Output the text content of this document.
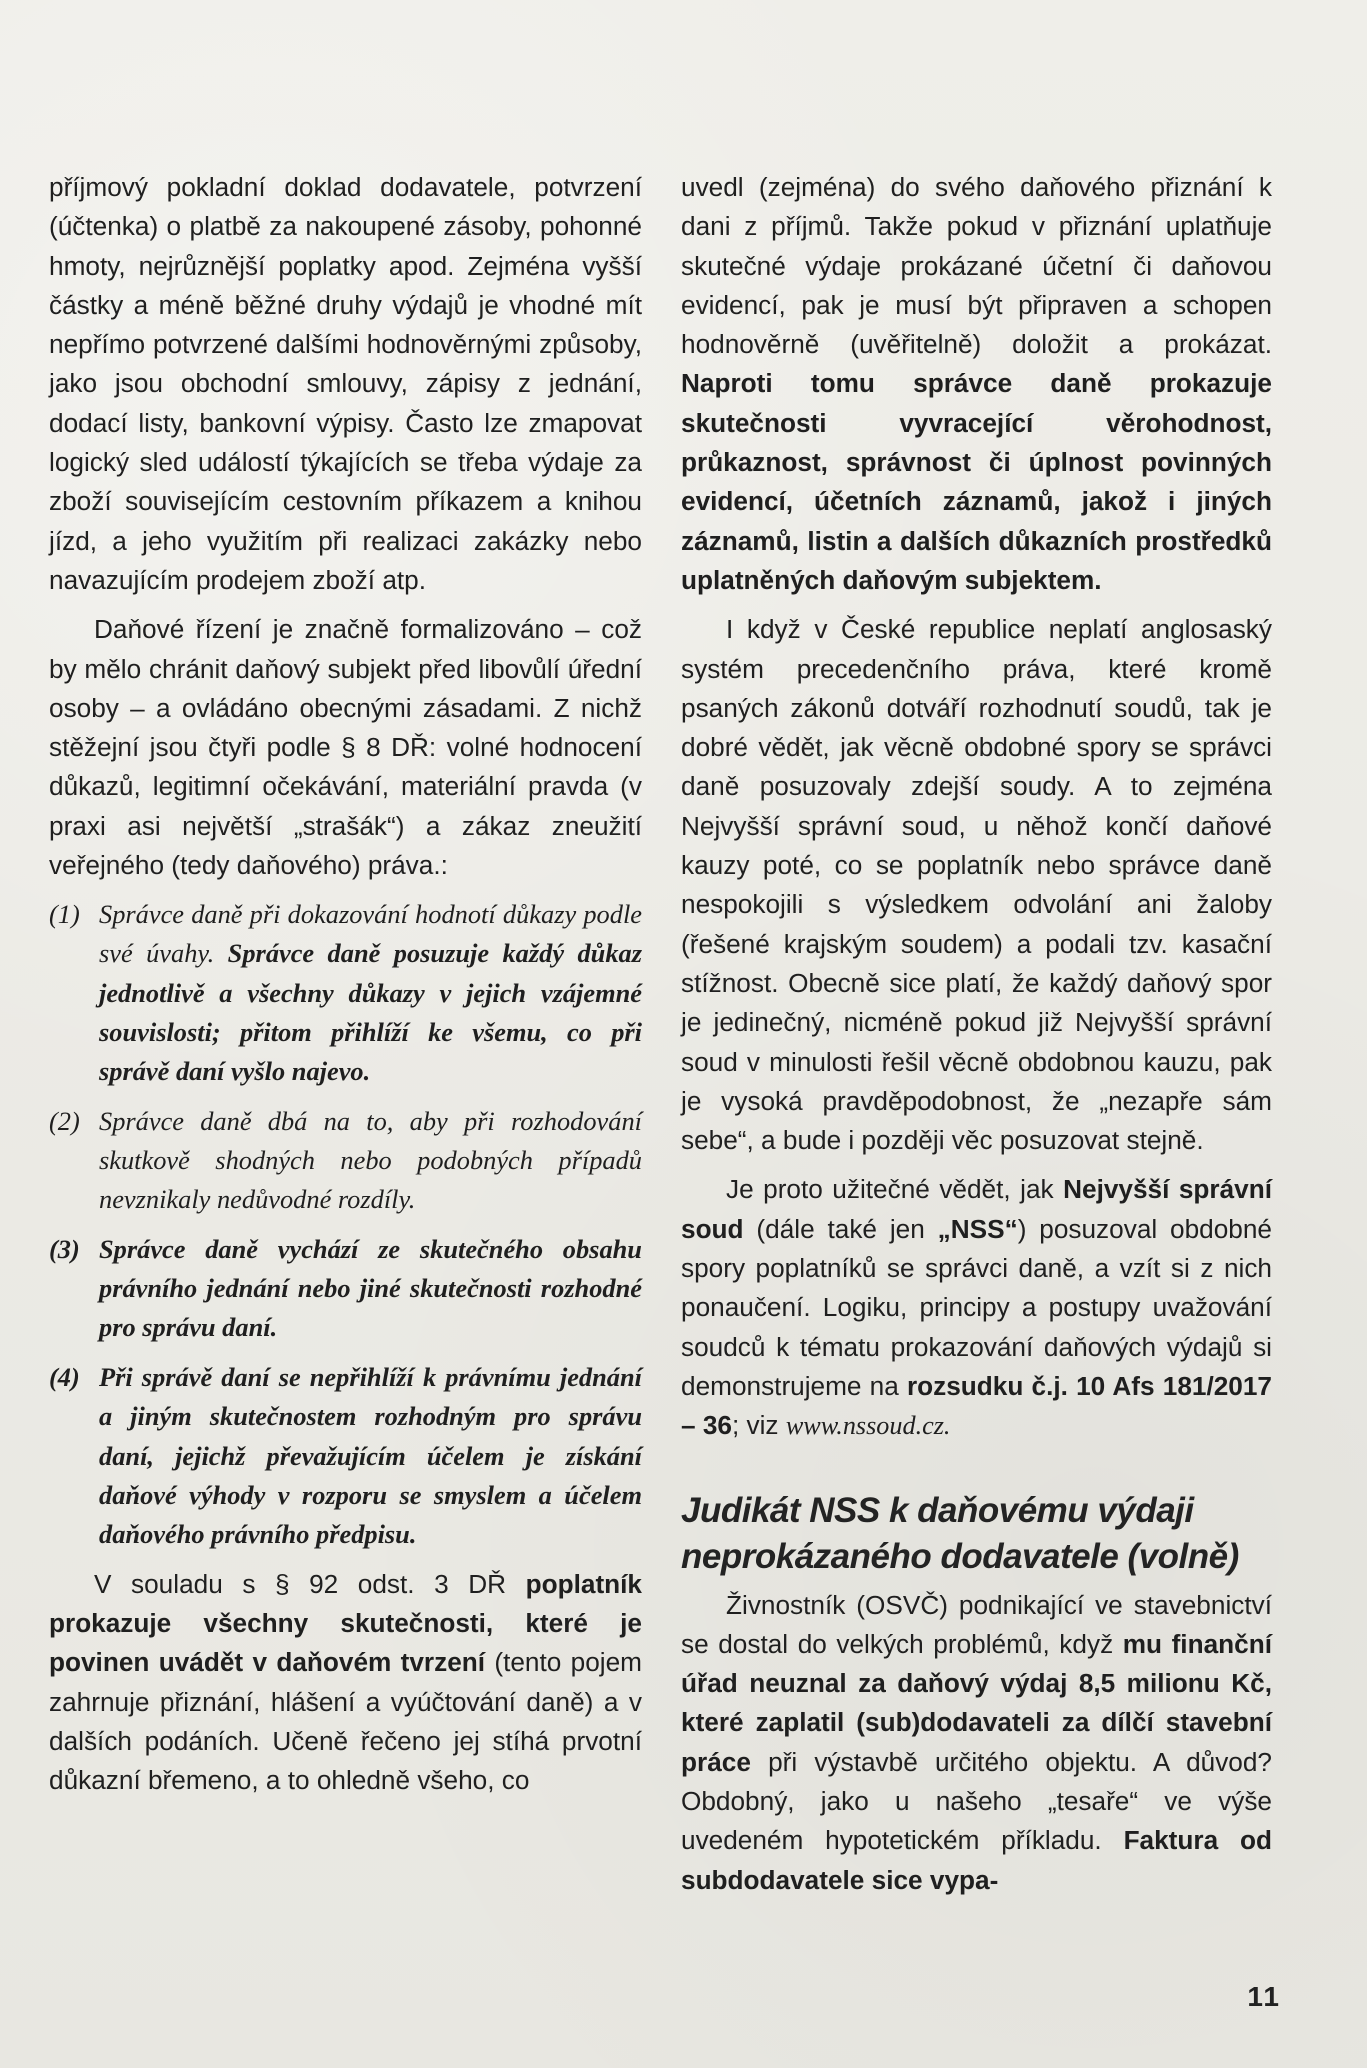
příjmový pokladní doklad dodavatele, potvrzení (účtenka) o platbě za nakoupené zásoby, pohonné hmoty, nejrůznější poplatky apod. Zejména vyšší částky a méně běžné druhy výdajů je vhodné mít nepřímo potvrzené dalšími hodnověrnými způsoby, jako jsou obchodní smlouvy, zápisy z jednání, dodací listy, bankovní výpisy. Často lze zmapovat logický sled událostí týkajících se třeba výdaje za zboží souvisejícím cestovním příkazem a knihou jízd, a jeho využitím při realizaci zakázky nebo navazujícím prodejem zboží atp.

Daňové řízení je značně formalizováno – což by mělo chránit daňový subjekt před libovůlí úřední osoby – a ovládáno obecnými zásadami. Z nichž stěžejní jsou čtyři podle § 8 DŘ: volné hodnocení důkazů, legitimní očekávání, materiální pravda (v praxi asi největší „strašák“) a zákaz zneužití veřejného (tedy daňového) práva.:

(1) Správce daně při dokazování hodnotí důkazy podle své úvahy. Správce daně posuzuje každý důkaz jednotlivě a všechny důkazy v jejich vzájemné souvislosti; přitom přihlíží ke všemu, co při správě daní vyšlo najevo.
(2) Správce daně dbá na to, aby při rozhodování skutkově shodných nebo podobných případů nevznikaly nedůvodné rozdíly.
(3) Správce daně vychází ze skutečného obsahu právního jednání nebo jiné skutečnosti rozhodné pro správu daní.
(4) Při správě daní se nepřihlíží k právnímu jednání a jiným skutečnostem rozhodným pro správu daní, jejichž převažujícím účelem je získání daňové výhody v rozporu se smyslem a účelem daňového právního předpisu.

V souladu s § 92 odst. 3 DŘ poplatník prokazuje všechny skutečnosti, které je povinen uvádět v daňovém tvrzení (tento pojem zahrnuje přiznání, hlášení a vyúčtování daně) a v dalších podáních. Učeně řečeno jej stíhá prvotní důkazní břemeno, a to ohledně všeho, co

uvedl (zejména) do svého daňového přiznání k dani z příjmů. Takže pokud v přiznání uplatňuje skutečné výdaje prokázané účetní či daňovou evidencí, pak je musí být připraven a schopen hodnověrně (uvěřitelně) doložit a prokázat. Naproti tomu správce daně prokazuje skutečnosti vyvracející věrohodnost, průkaznost, správnost či úplnost povinných evidencí, účetních záznamů, jakož i jiných záznamů, listin a dalších důkazních prostředků uplatněných daňovým subjektem.

I když v České republice neplatí anglosaský systém precedenčního práva, které kromě psaných zákonů dotváří rozhodnutí soudů, tak je dobré vědět, jak věcně obdobné spory se správci daně posuzovaly zdejší soudy. A to zejména Nejvyšší správní soud, u něhož končí daňové kauzy poté, co se poplatník nebo správce daně nespokojili s výsledkem odvolání ani žaloby (řešené krajským soudem) a podali tzv. kasační stížnost. Obecně sice platí, že každý daňový spor je jedinečný, nicméně pokud již Nejvyšší správní soud v minulosti řešil věcně obdobnou kauzu, pak je vysoká pravděpodobnost, že „nezapře sám sebe“, a bude i později věc posuzovat stejně.

Je proto užitečné vědět, jak Nejvyšší správní soud (dále také jen „NSS“) posuzoval obdobné spory poplatníků se správci daně, a vzít si z nich ponaučení. Logiku, principy a postupy uvažování soudců k tématu prokazování daňových výdajů si demonstrujeme na rozsudku č.j. 10 Afs 181/2017 – 36; viz www.nssoud.cz.

Judikát NSS k daňovému výdaji neprokázaného dodavatele (volně)

Živnostník (OSVČ) podnikající ve stavebnictví se dostal do velkých problémů, když mu finanční úřad neuznal za daňový výdaj 8,5 milionu Kč, které zaplatil (sub)dodavateli za dílčí stavební práce při výstavbě určitého objektu. A důvod? Obdobný, jako u našeho „tesaře“ ve výše uvedeném hypotetickém příkladu. Faktura od subdodavatele sice vypa-

11
